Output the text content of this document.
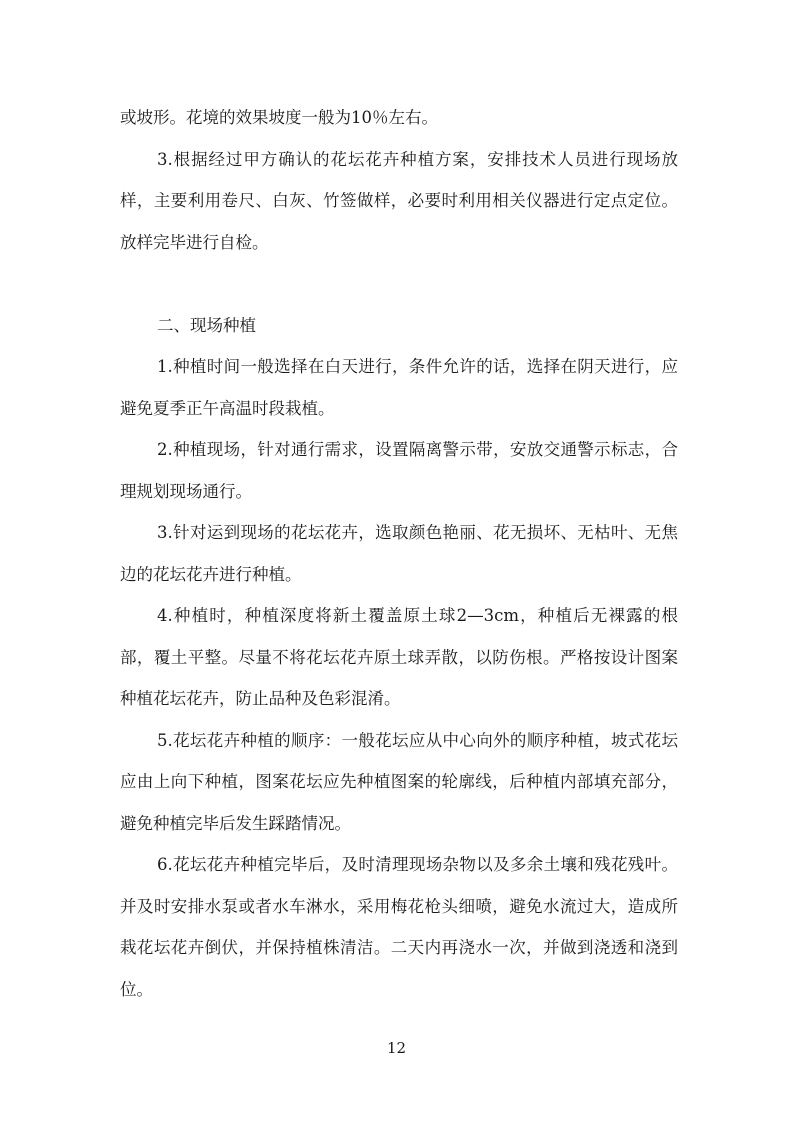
或坡形。花境的效果坡度一般为10％左右。

3.根据经过甲方确认的花坛花卉种植方案，安排技术人员进行现场放样，主要利用卷尺、白灰、竹签做样，必要时利用相关仪器进行定点定位。放样完毕进行自检。

二、现场种植

1.种植时间一般选择在白天进行，条件允许的话，选择在阴天进行，应避免夏季正午高温时段栽植。

2.种植现场，针对通行需求，设置隔离警示带，安放交通警示标志，合理规划现场通行。

3.针对运到现场的花坛花卉，选取颜色艳丽、花无损坏、无枯叶、无焦边的花坛花卉进行种植。

4.种植时，种植深度将新土覆盖原土球2—3cm，种植后无裸露的根部，覆土平整。尽量不将花坛花卉原土球弄散，以防伤根。严格按设计图案种植花坛花卉，防止品种及色彩混淆。

5.花坛花卉种植的顺序：一般花坛应从中心向外的顺序种植，坡式花坛应由上向下种植，图案花坛应先种植图案的轮廓线，后种植内部填充部分，避免种植完毕后发生踩踏情况。

6.花坛花卉种植完毕后，及时清理现场杂物以及多余土壤和残花残叶。并及时安排水泵或者水车淋水，采用梅花枪头细喷，避免水流过大，造成所栽花坛花卉倒伏，并保持植株清洁。二天内再浇水一次，并做到浇透和浇到位。

12
